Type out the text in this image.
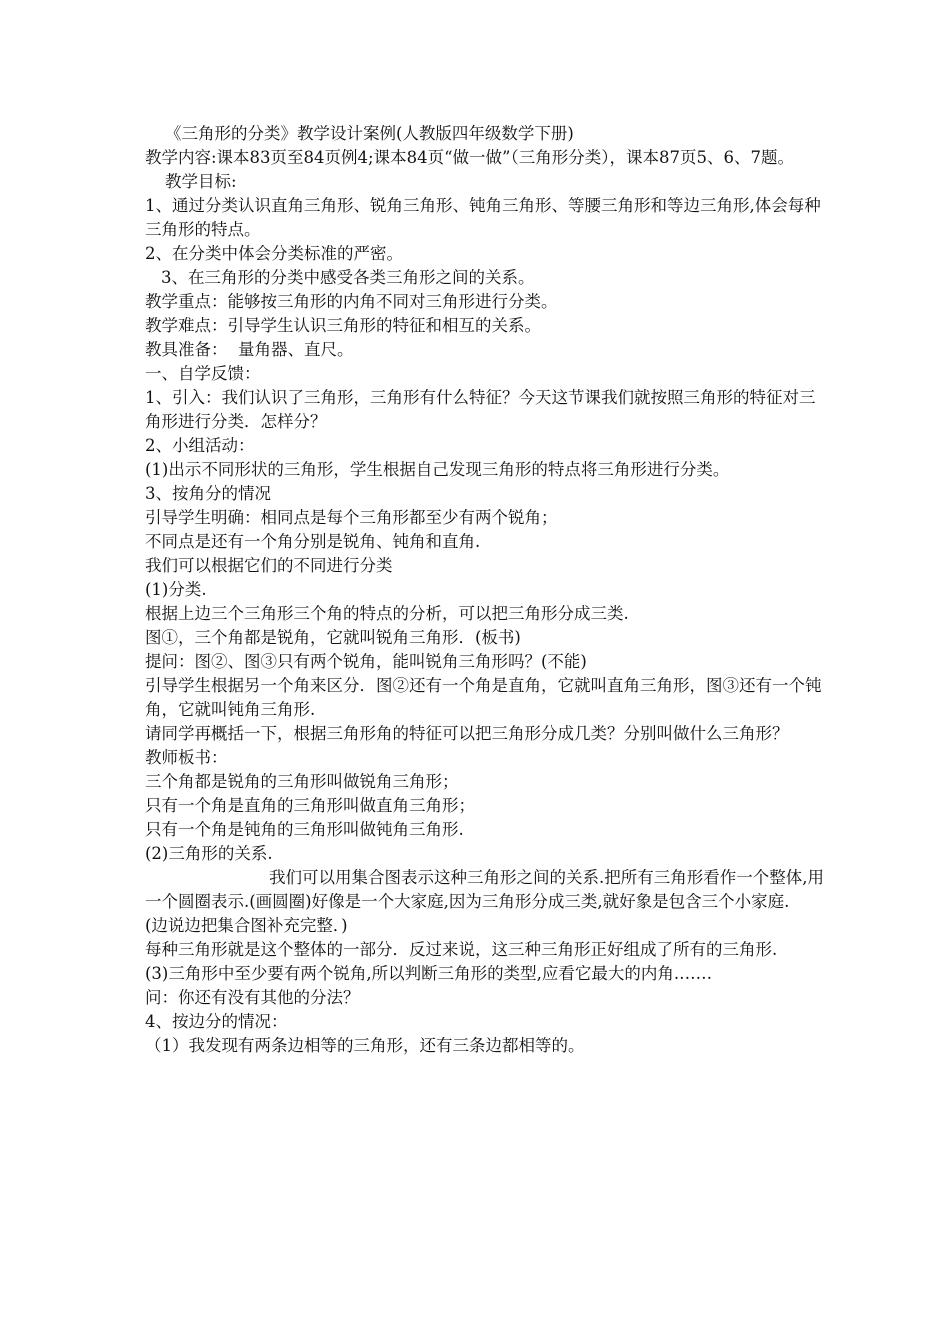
《三角形的分类》教学设计案例(人教版四年级数学下册)

教学内容:课本83页至84页例4;课本84页“做一做”（三角形分类），课本87页5、6、7题。

教学目标:

1、通过分类认识直角三角形、锐角三角形、钝角三角形、等腰三角形和等边三角形,体会每种三角形的特点。

2、在分类中体会分类标准的严密。

3、在三角形的分类中感受各类三角形之间的关系。

教学重点：能够按三角形的内角不同对三角形进行分类。

教学难点：引导学生认识三角形的特征和相互的关系。

教具准备：  量角器、直尺。

一、自学反馈：

1、引入：我们认识了三角形，三角形有什么特征？今天这节课我们就按照三角形的特征对三角形进行分类．怎样分？

2、小组活动：

(1)出示不同形状的三角形，学生根据自己发现三角形的特点将三角形进行分类。

3、按角分的情况

引导学生明确：相同点是每个三角形都至少有两个锐角；

不同点是还有一个角分别是锐角、钝角和直角.

我们可以根据它们的不同进行分类

(1)分类.

根据上边三个三角形三个角的特点的分析，可以把三角形分成三类.

图①，三个角都是锐角，它就叫锐角三角形．(板书)

提问：图②、图③只有两个锐角，能叫锐角三角形吗？(不能)

引导学生根据另一个角来区分．图②还有一个角是直角，它就叫直角三角形，图③还有一个钝角，它就叫钝角三角形.

请同学再概括一下，根据三角形角的特征可以把三角形分成几类？分别叫做什么三角形？

教师板书：

三个角都是锐角的三角形叫做锐角三角形；

只有一个角是直角的三角形叫做直角三角形；

只有一个角是钝角的三角形叫做钝角三角形.

(2)三角形的关系.

我们可以用集合图表示这种三角形之间的关系.把所有三角形看作一个整体,用一个圆圈表示.(画圆圈)好像是一个大家庭,因为三角形分成三类,就好象是包含三个小家庭.

(边说边把集合图补充完整．)

每种三角形就是这个整体的一部分．反过来说，这三种三角形正好组成了所有的三角形.

(3)三角形中至少要有两个锐角,所以判断三角形的类型,应看它最大的内角.……

问：你还有没有其他的分法？

4、按边分的情况：

（1）我发现有两条边相等的三角形，还有三条边都相等的。
